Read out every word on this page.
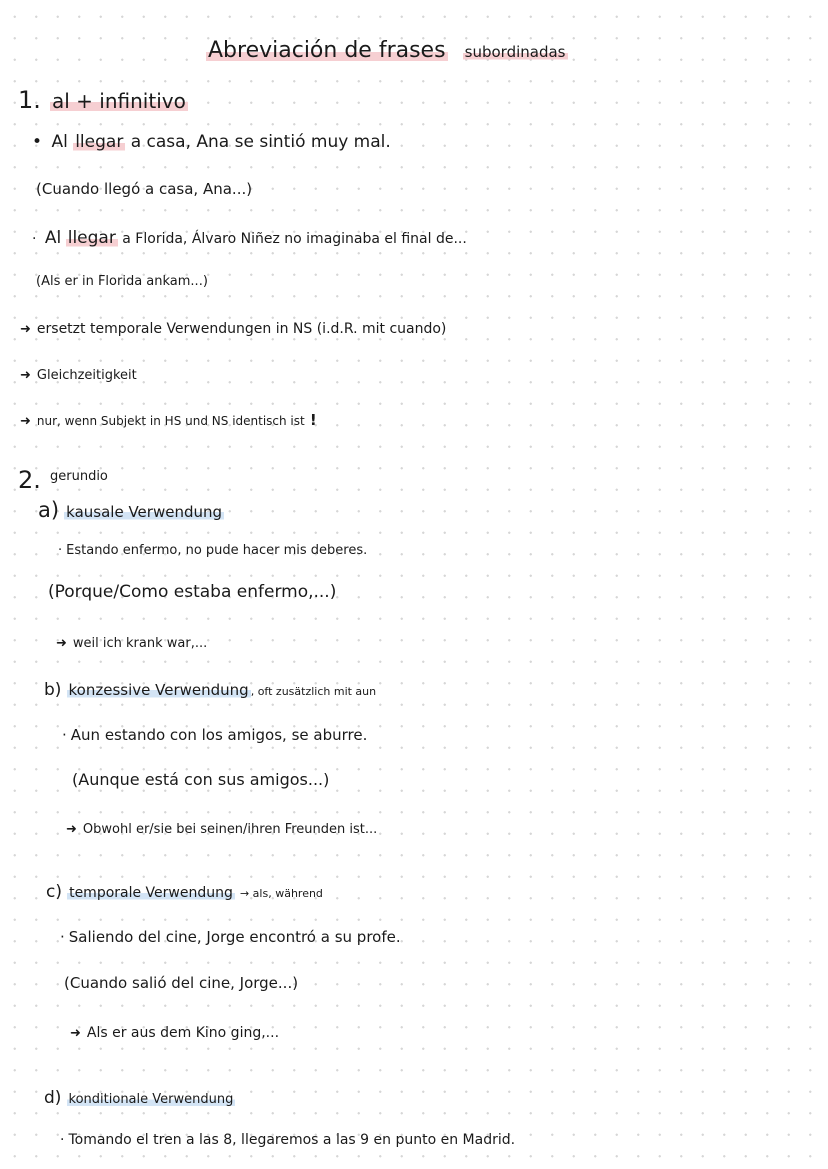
Abreviación de frases subordinadas
1. al + infinitivo
• Al llegar a casa, Ana se sintió muy mal.
(Cuando llegó a casa, Ana...)
· Al llegar a Florida, Álvaro Niñez no imaginaba el final de...
(Als er in Florida ankam...)
➜ ersetzt temporale Verwendungen in NS (i.d.R. mit cuando)
➜ Gleichzeitigkeit
➜ nur, wenn Subjekt in HS und NS identisch ist !
2. $^{gerundio}$
a) kausale Verwendung
· Estando enfermo, no pude hacer mis deberes.
(Porque/Como estaba enfermo,...)
➜ weil ich krank war,...
b) konzessive Verwendung , oft zusätzlich mit aun
· Aun estando con los amigos, se aburre.
(Aunque está con sus amigos...)
➜ Obwohl er/sie bei seinen/ihren Freunden ist...
c) temporale Verwendung → als, während
· Saliendo del cine, Jorge encontró a su profe.
(Cuando salió del cine, Jorge...)
➜ Als er aus dem Kino ging,...
d) konditionale Verwendung
· Tomando el tren a las 8, llegaremos a las 9 en punto en Madrid.
